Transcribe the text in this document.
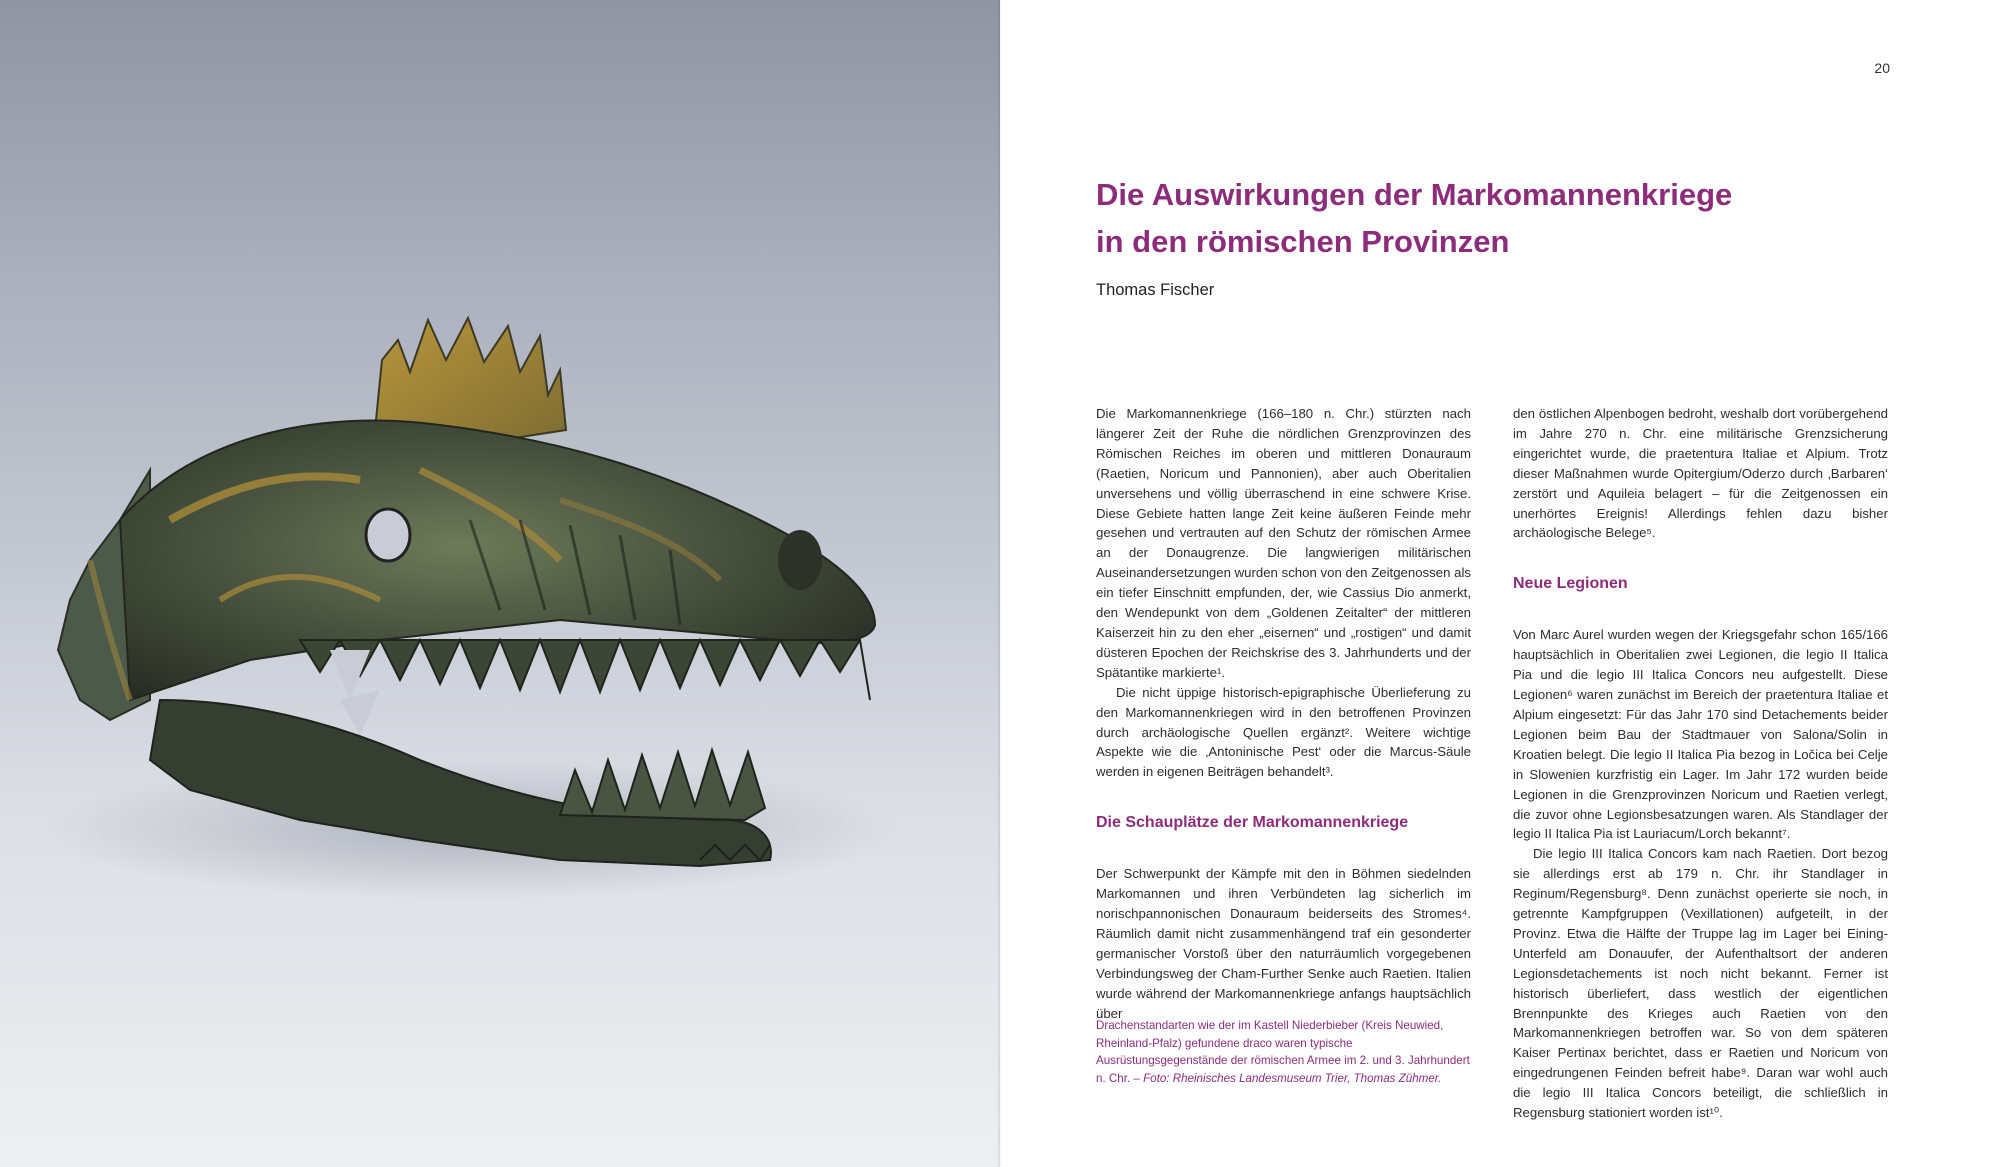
20
Die Auswirkungen der Markomannenkriege
in den römischen Provinzen
Thomas Fischer

Die Markomannenkriege (166–180 n. Chr.) stürzten nach längerer Zeit der Ruhe die nördlichen Grenzprovinzen des Römischen Reiches im oberen und mittleren Donauraum (Raetien, Noricum und Pannonien), aber auch Oberitalien unversehens und völlig überraschend in eine schwere Krise. Diese Gebiete hatten lange Zeit keine äußeren Feinde mehr gesehen und vertrauten auf den Schutz der römischen Armee an der Donaugrenze. Die langwierigen militärischen Auseinandersetzungen wurden schon von den Zeitgenossen als ein tiefer Einschnitt empfunden, der, wie Cassius Dio anmerkt, den Wendepunkt von dem „Goldenen Zeitalter“ der mittleren Kaiserzeit hin zu den eher „eisernen“ und „rostigen“ und damit düsteren Epochen der Reichskrise des 3. Jahrhunderts und der Spätantike markierte¹.

Die nicht üppige historisch-epigraphische Überlieferung zu den Markomannenkriegen wird in den betroffenen Provinzen durch archäologische Quellen ergänzt². Weitere wichtige Aspekte wie die ‚Antoninische Pest‘ oder die Marcus-Säule werden in eigenen Beiträgen behandelt³.

Die Schauplätze der Markomannenkriege

Der Schwerpunkt der Kämpfe mit den in Böhmen siedelnden Markomannen und ihren Verbündeten lag sicherlich im norischpannonischen Donauraum beiderseits des Stromes⁴. Räumlich damit nicht zusammenhängend traf ein gesonderter germanischer Vorstoß über den naturräumlich vorgegebenen Verbindungsweg der Cham-Further Senke auch Raetien. Italien wurde während der Markomannenkriege anfangs hauptsächlich über

Drachenstandarten wie der im Kastell Niederbieber (Kreis Neuwied, Rheinland-Pfalz) gefundene draco waren typische Ausrüstungsgegenstände der römischen Armee im 2. und 3. Jahrhundert n. Chr. – Foto: Rheinisches Landesmuseum Trier, Thomas Zühmer.

den östlichen Alpenbogen bedroht, weshalb dort vorübergehend im Jahre 270 n. Chr. eine militärische Grenzsicherung eingerichtet wurde, die praetentura Italiae et Alpium. Trotz dieser Maßnahmen wurde Opitergium/Oderzo durch ‚Barbaren‘ zerstört und Aquileia belagert – für die Zeitgenossen ein unerhörtes Ereignis! Allerdings fehlen dazu bisher archäologische Belege⁵.

Neue Legionen

Von Marc Aurel wurden wegen der Kriegsgefahr schon 165/166 hauptsächlich in Oberitalien zwei Legionen, die legio II Italica Pia und die legio III Italica Concors neu aufgestellt. Diese Legionen⁶ waren zunächst im Bereich der praetentura Italiae et Alpium eingesetzt: Für das Jahr 170 sind Detachements beider Legionen beim Bau der Stadtmauer von Salona/Solin in Kroatien belegt. Die legio II Italica Pia bezog in Ločica bei Celje in Slowenien kurzfristig ein Lager. Im Jahr 172 wurden beide Legionen in die Grenzprovinzen Noricum und Raetien verlegt, die zuvor ohne Legionsbesatzungen waren. Als Standlager der legio II Italica Pia ist Lauriacum/Lorch bekannt⁷.

Die legio III Italica Concors kam nach Raetien. Dort bezog sie allerdings erst ab 179 n. Chr. ihr Standlager in Reginum/Regensburg⁸. Denn zunächst operierte sie noch, in getrennte Kampfgruppen (Vexillationen) aufgeteilt, in der Provinz. Etwa die Hälfte der Truppe lag im Lager bei Eining-Unterfeld am Donauufer, der Aufenthaltsort der anderen Legionsdetachements ist noch nicht bekannt. Ferner ist historisch überliefert, dass westlich der eigentlichen Brennpunkte des Krieges auch Raetien von den Markomannenkriegen betroffen war. So von dem späteren Kaiser Pertinax berichtet, dass er Raetien und Noricum von eingedrungenen Feinden befreit habe⁹. Daran war wohl auch die legio III Italica Concors beteiligt, die schließlich in Regensburg stationiert worden ist¹⁰.
